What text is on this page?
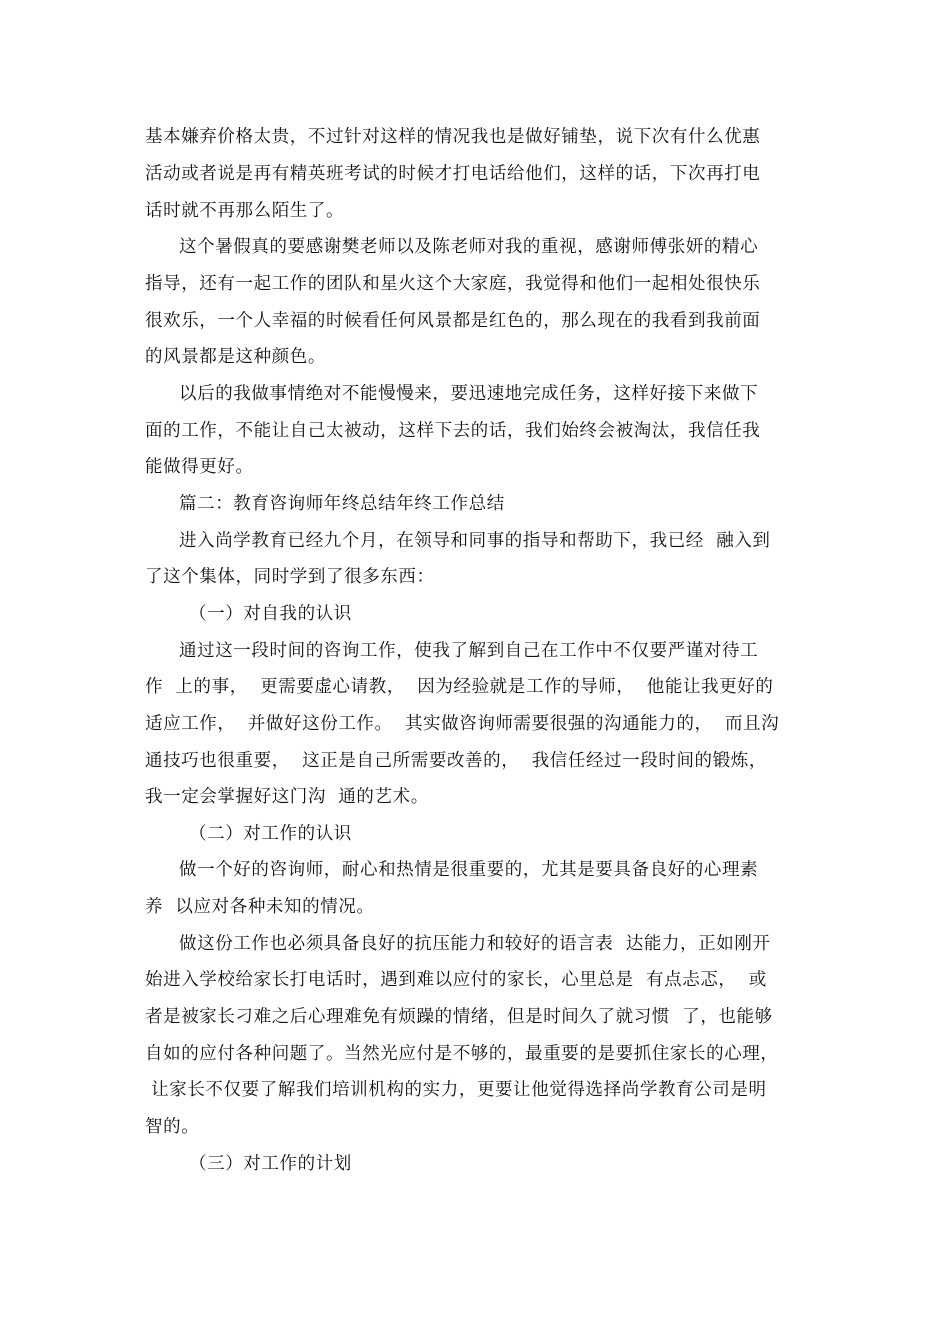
基本嫌弃价格太贵，不过针对这样的情况我也是做好铺垫，说下次有什么优惠
活动或者说是再有精英班考试的时候才打电话给他们，这样的话，下次再打电
话时就不再那么陌生了。
这个暑假真的要感谢樊老师以及陈老师对我的重视，感谢师傅张妍的精心
指导，还有一起工作的团队和星火这个大家庭，我觉得和他们一起相处很快乐
很欢乐，一个人幸福的时候看任何风景都是红色的，那么现在的我看到我前面
的风景都是这种颜色。
以后的我做事情绝对不能慢慢来，要迅速地完成任务，这样好接下来做下
面的工作，不能让自己太被动，这样下去的话，我们始终会被淘汰，我信任我
能做得更好。
篇二：教育咨询师年终总结年终工作总结
进入尚学教育已经九个月，在领导和同事的指导和帮助下，我已经  融入到
了这个集体，同时学到了很多东西：
（一）对自我的认识
通过这一段时间的咨询工作，使我了解到自己在工作中不仅要严谨对待工
作  上的事，  更需要虚心请教，  因为经验就是工作的导师，  他能让我更好的
适应工作，  并做好这份工作。  其实做咨询师需要很强的沟通能力的，  而且沟
通技巧也很重要，  这正是自己所需要改善的，  我信任经过一段时间的锻炼，
我一定会掌握好这门沟  通的艺术。
（二）对工作的认识
做一个好的咨询师，耐心和热情是很重要的，尤其是要具备良好的心理素
养  以应对各种未知的情况。
做这份工作也必须具备良好的抗压能力和较好的语言表  达能力，正如刚开
始进入学校给家长打电话时，遇到难以应付的家长，心里总是  有点忐忑，  或
者是被家长刁难之后心理难免有烦躁的情绪，但是时间久了就习惯  了，也能够
自如的应付各种问题了。当然光应付是不够的，最重要的是要抓住家长的心理，
让家长不仅要了解我们培训机构的实力，更要让他觉得选择尚学教育公司是明
智的。
（三）对工作的计划
